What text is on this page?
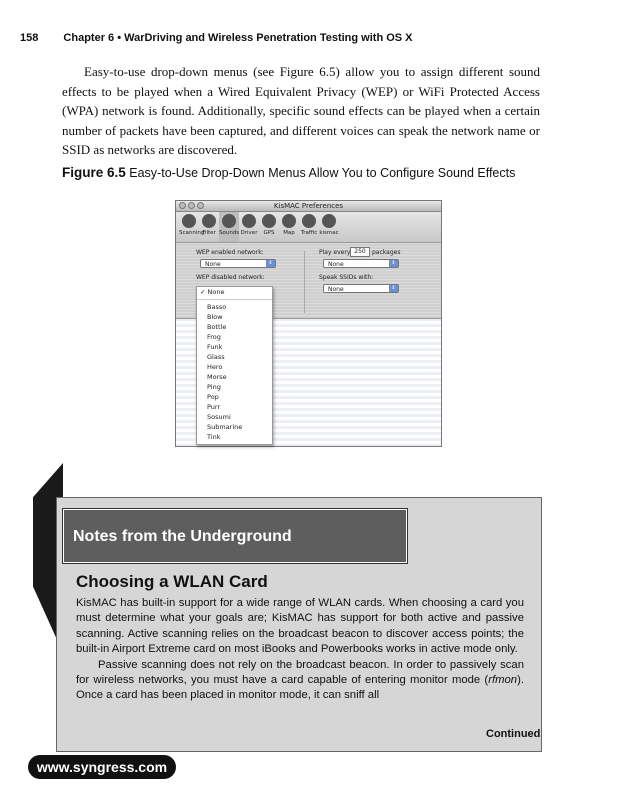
158 Chapter 6 • WarDriving and Wireless Penetration Testing with OS X
Easy-to-use drop-down menus (see Figure 6.5) allow you to assign different sound effects to be played when a Wired Equivalent Privacy (WEP) or WiFi Protected Access (WPA) network is found. Additionally, specific sound effects can be played when a certain number of packets have been captured, and different voices can speak the network name or SSID as networks are discovered.
Figure 6.5 Easy-to-Use Drop-Down Menus Allow You to Configure Sound Effects
KisMAC Preferences
Scanning
Filter Sounds Driver	GPS	Map	Traffic kismac
WEP enabled network:
None	⇕
WEP disabled network:
Play every 250	packages
None	⇕
Speak SSIDs with:
None	⇕
✓ None
Basso
Blow
Bottle
Frog
Funk
Glass
Hero
Morse
Ping
Pop
Purr
Sosumi
Submarine
Tink
Notes from the Underground
Choosing a WLAN Card

KisMAC has built-in support for a wide range of WLAN cards. When choosing a card you must determine what your goals are; KisMAC has support for both active and passive scanning. Active scanning relies on the broadcast beacon to discover access points; the built-in Airport Extreme card on most iBooks and Powerbooks works in active mode only.

Passive scanning does not rely on the broadcast beacon. In order to passively scan for wireless networks, you must have a card capable of entering monitor mode (rfmon). Once a card has been placed in monitor mode, it can sniff all

Continued
www.syngress.com
